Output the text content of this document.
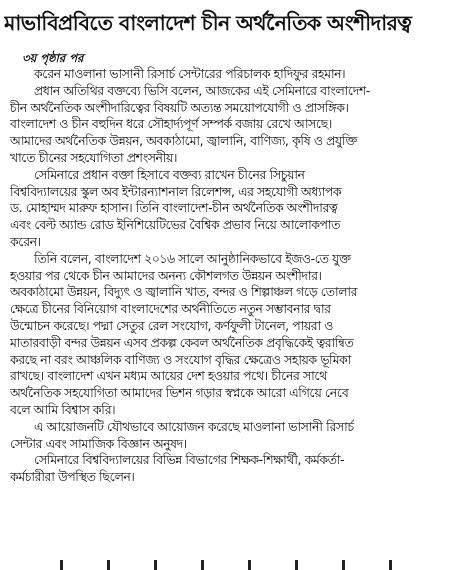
মাভাবিপ্রবিতে বাংলাদেশ চীন অর্থনৈতিক অংশীদারত্ব
৩য় পৃষ্ঠার পর

করেন মাওলানা ভাসানী রিসার্চ সেন্টারের পরিচালক হাদিফুর রহমান।

প্রধান অতিথির বক্তব্যে ভিসি বলেন, আজকের এই সেমিনারে বাংলাদেশ-
চীন অর্থনৈতিক অংশীদারিত্বের বিষয়টি অত্যন্ত সময়োপযোগী ও প্রাসঙ্গিক।
বাংলাদেশ ও চীন বহুদিন ধরে সৌহার্দ্যপূর্ণ সম্পর্ক বজায় রেখে আসছে।
আমাদের অর্থনৈতিক উন্নয়ন, অবকাঠামো, জ্বালানি, বাণিজ্য, কৃষি ও প্রযুক্তি
খাতে চীনের সহযোগিতা প্রশংসনীয়।

সেমিনারে প্রধান বক্তা হিসাবে বক্তব্য রাখেন চীনের সিচুয়ান
বিশ্ববিদ্যালয়ের স্কুল অব ইন্টারন্যাশনাল রিলেশন্স, এর সহযোগী অধ্যাপক
ড. মোহাম্মদ মারুফ হাসান। তিনি বাংলাদেশ-চীন অর্থনৈতিক অংশীদারত্ব
এবং বেল্ট অ্যান্ড রোড ইনিশিয়েটিভের বৈশ্বিক প্রভাব নিয়ে আলোকপাত
করেন।

তিনি বলেন, বাংলাদেশ ২০১৬ সালে আনুষ্ঠানিকভাবে ইজও-তে যুক্ত
হওয়ার পর থেকে চীন আমাদের অনন্য কৌশলগত উন্নয়ন অংশীদার।
অবকাঠামো উন্নয়ন, বিদ্যুৎ ও জ্বালানি খাত, বন্দর ও শিল্পাঞ্চল গড়ে তোলার
ক্ষেত্রে চীনের বিনিয়োগ বাংলাদেশের অর্থনীতিতে নতুন সম্ভাবনার দ্বার
উন্মোচন করেছে। পদ্মা সেতুর রেল সংযোগ, কর্ণফুলী টানেল, পায়রা ও
মাতারবাড়ী বন্দর উন্নয়ন এসব প্রকল্প কেবল অর্থনৈতিক প্রবৃদ্ধিকেই ত্বরান্বিত
করছে না বরং আঞ্চলিক বাণিজ্য ও সংযোগ বৃদ্ধির ক্ষেত্রেও সহায়ক ভূমিকা
রাখছে। বাংলাদেশ এখন মধ্যম আয়ের দেশ হওয়ার পথে। চীনের সাথে
অর্থনৈতিক সহযোগিতা আমাদের ভিশন গড়ার স্বপ্নকে আরো এগিয়ে নেবে
বলে আমি বিশ্বাস করি।

এ আয়োজনটি যৌথভাবে আয়োজন করেছে মাওলানা ভাসানী রিসার্চ
সেন্টার এবং সামাজিক বিজ্ঞান অনুষদ।

সেমিনারে বিশ্ববিদ্যালয়ের বিভিন্ন বিভাগের শিক্ষক-শিক্ষার্থী, কর্মকর্তা-
কর্মচারীরা উপস্থিত ছিলেন।
